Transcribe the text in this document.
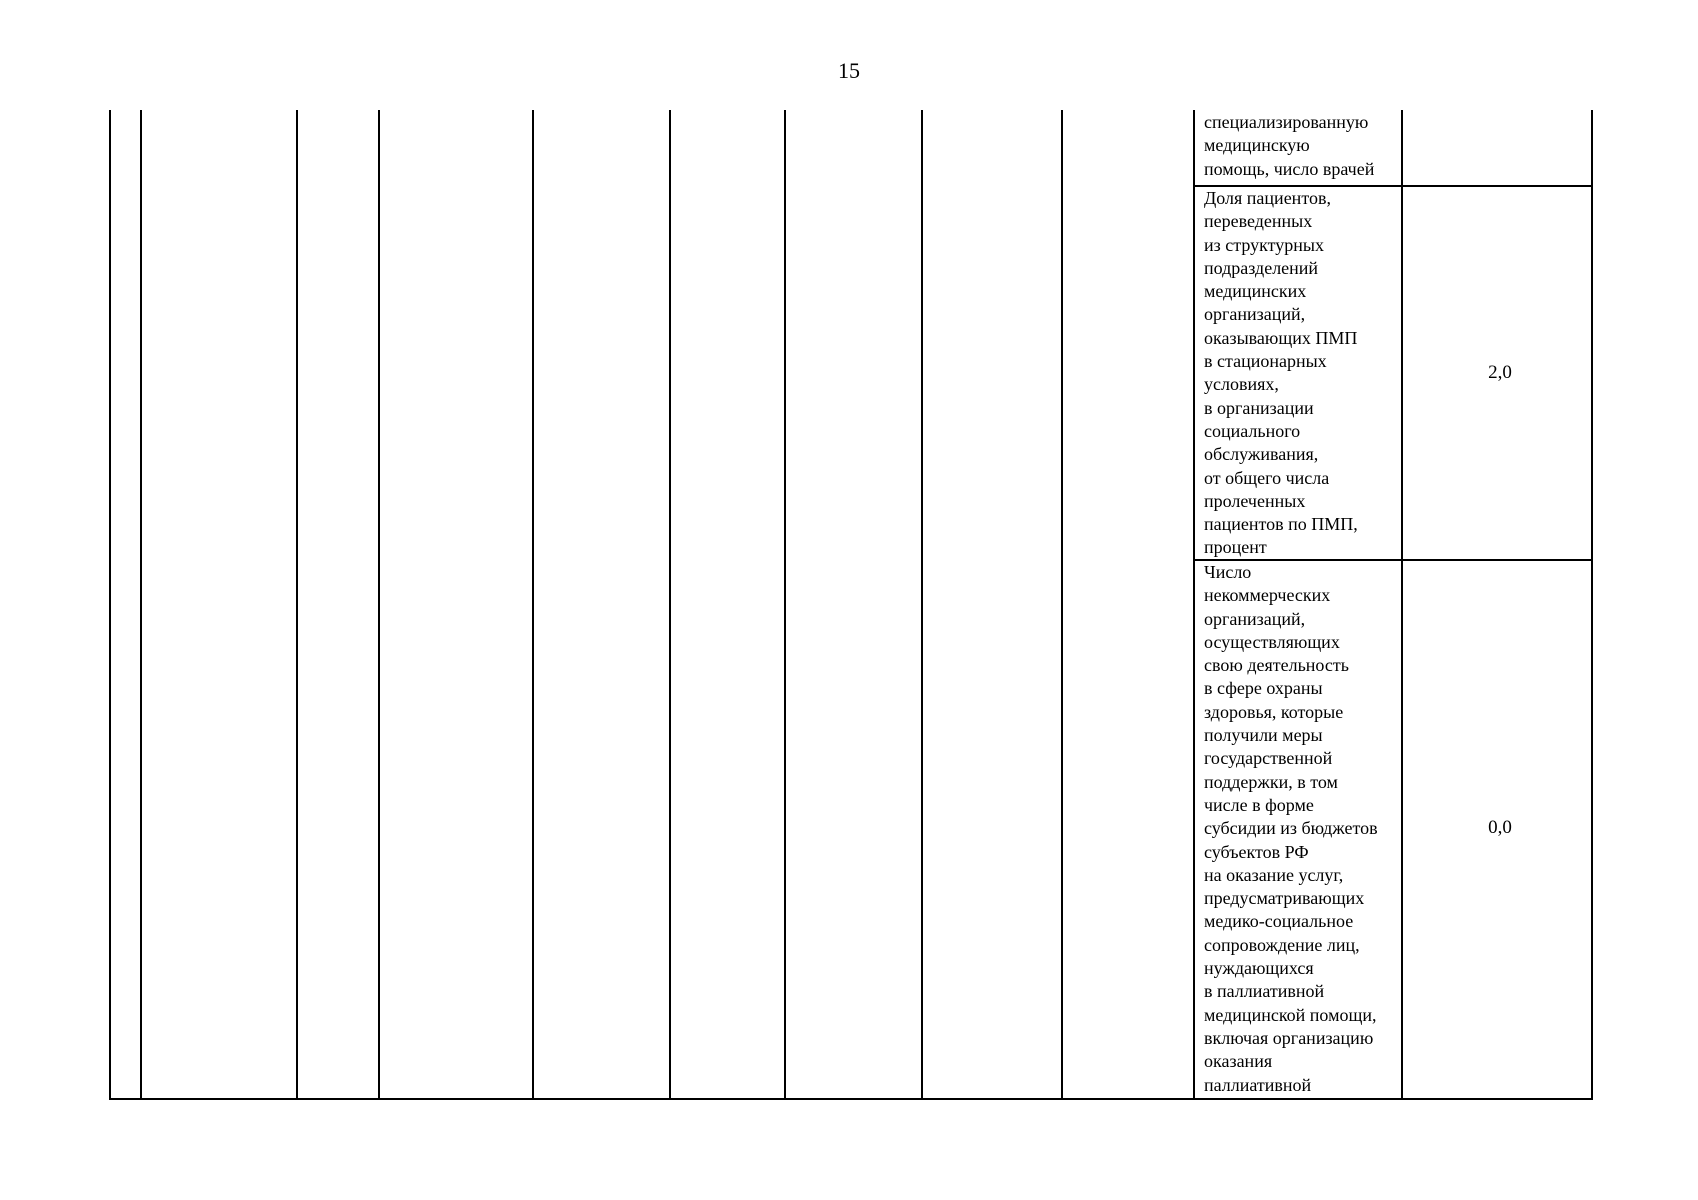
15
специализированную
медицинскую
помощь, число врачей
Доля пациентов,
переведенных
из структурных
подразделений
медицинских
организаций,
оказывающих ПМП
в стационарных
условиях,
в организации
социального
обслуживания,
от общего числа
пролеченных
пациентов по ПМП,
процент
2,0
Число
некоммерческих
организаций,
осуществляющих
свою деятельность
в сфере охраны
здоровья, которые
получили меры
государственной
поддержки, в том
числе в форме
субсидии из бюджетов
субъектов РФ
на оказание услуг,
предусматривающих
медико-социальное
сопровождение лиц,
нуждающихся
в паллиативной
медицинской помощи,
включая организацию
оказания
паллиативной
0,0
